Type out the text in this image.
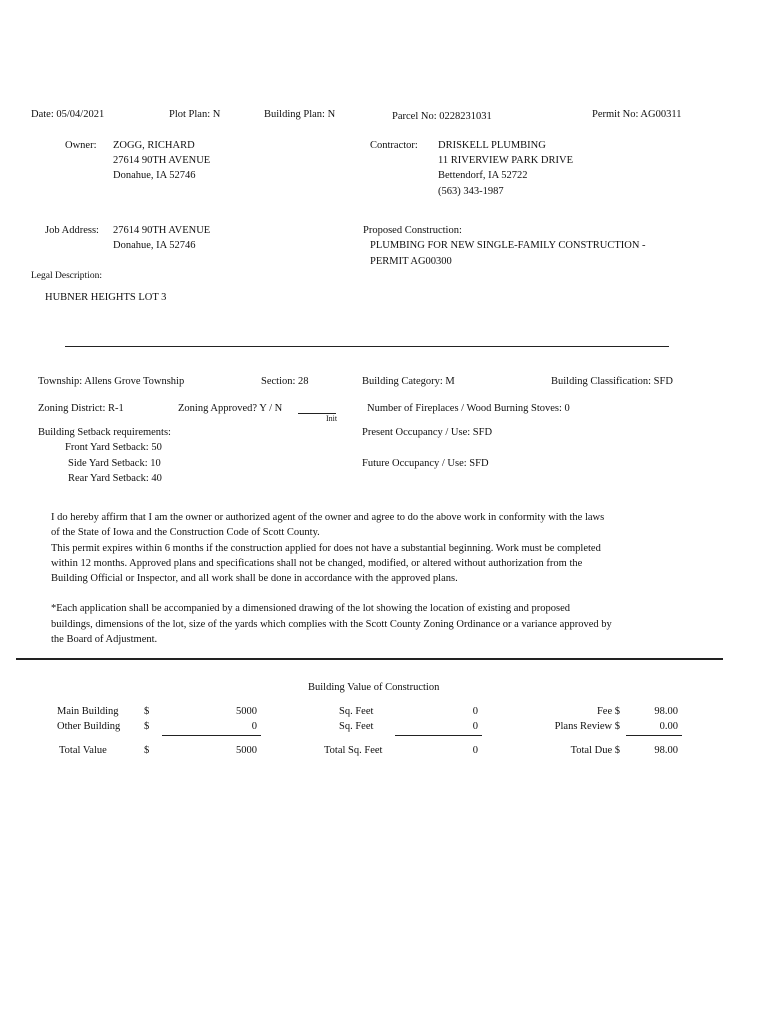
Date: 05/04/2021	Plot Plan: N	Building Plan: N	Parcel No: 0228231031	Permit No: AG00311
Owner: ZOGG, RICHARD
27614 90TH AVENUE
Donahue, IA 52746
Contractor: DRISKELL PLUMBING
11 RIVERVIEW PARK DRIVE
Bettendorf, IA 52722
(563) 343-1987
Job Address: 27614 90TH AVENUE
Donahue, IA 52746
Proposed Construction:
PLUMBING FOR NEW SINGLE-FAMILY CONSTRUCTION -
PERMIT AG00300
Legal Description:
HUBNER HEIGHTS LOT 3
Township: Allens Grove Township	Section: 28	Building Category: M	Building Classification: SFD
Zoning District: R-1	Zoning Approved? Y / N
Init
Number of Fireplaces / Wood Burning Stoves: 0
Building Setback requirements:
Front Yard Setback: 50
Side Yard Setback: 10
Rear Yard Setback: 40
Present Occupancy / Use: SFD
Future Occupancy / Use: SFD
I do hereby affirm that I am the owner or authorized agent of the owner and agree to do the above work in conformity with the laws
of the State of Iowa and the Construction Code of Scott County.
This permit expires within 6 months if the construction applied for does not have a substantial beginning. Work must be completed
within 12 months. Approved plans and specifications shall not be changed, modified, or altered without authorization from the
Building Official or Inspector, and all work shall be done in accordance with the approved plans.
*Each application shall be accompanied by a dimensioned drawing of the lot showing the location of existing and proposed
buildings, dimensions of the lot, size of the yards which complies with the Scott County Zoning Ordinance or a variance approved by
the Board of Adjustment.
Building Value of Construction
Main Building $	5000	Sq. Feet	0	Fee $	98.00
Other Building $	0	Sq. Feet	0	Plans Review $	0.00
Total Value	$	5000	Total Sq. Feet	0	Total Due $	98.00
